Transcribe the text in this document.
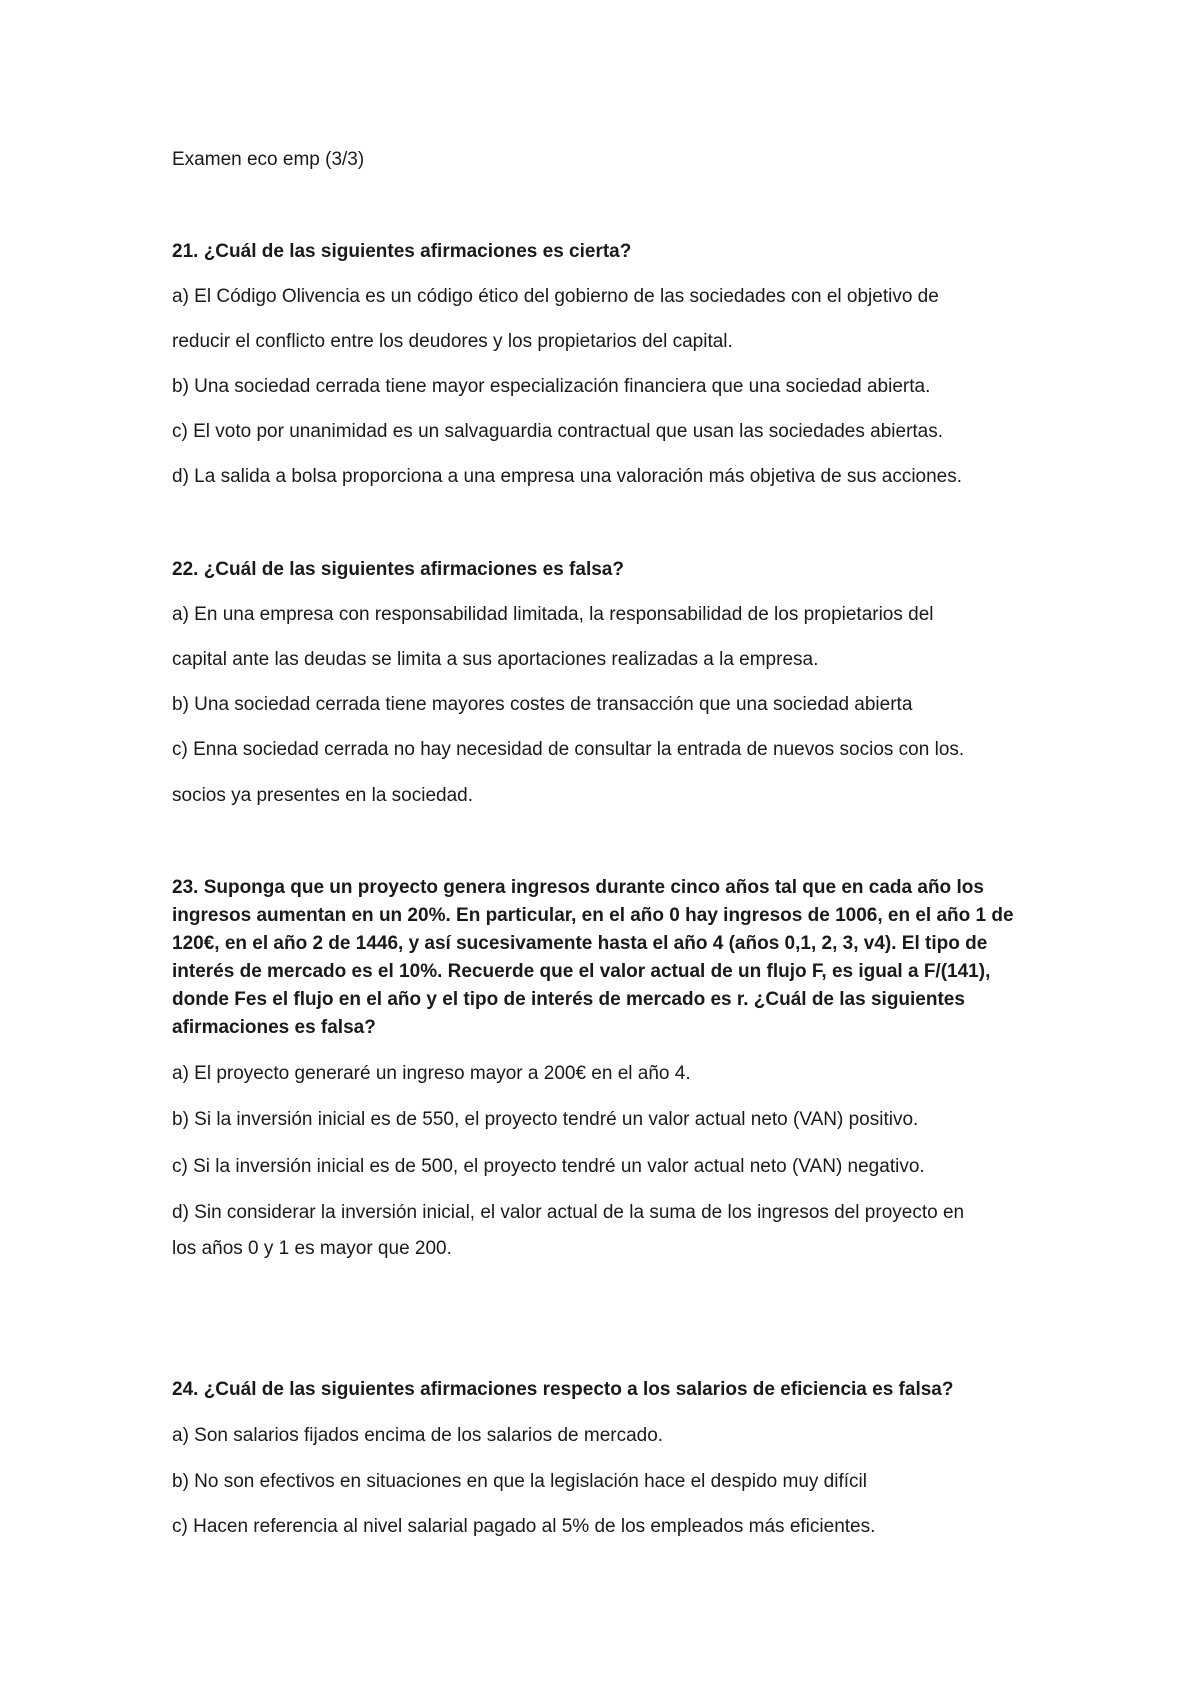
Examen eco emp (3/3)
21. ¿Cuál de las siguientes afirmaciones es cierta?
a) El Código Olivencia es un código ético del gobierno de las sociedades con el objetivo de
reducir el conflicto entre los deudores y los propietarios del capital.
b) Una sociedad cerrada tiene mayor especialización financiera que una sociedad abierta.
c) El voto por unanimidad es un salvaguardia contractual que usan las sociedades abiertas.
d) La salida a bolsa proporciona a una empresa una valoración más objetiva de sus acciones.
22. ¿Cuál de las siguientes afirmaciones es falsa?
a) En una empresa con responsabilidad limitada, la responsabilidad de los propietarios del
capital ante las deudas se limita a sus aportaciones realizadas a la empresa.
b) Una sociedad cerrada tiene mayores costes de transacción que una sociedad abierta
c) Enna sociedad cerrada no hay necesidad de consultar la entrada de nuevos socios con los.
socios ya presentes en la sociedad.
23. Suponga que un proyecto genera ingresos durante cinco años tal que en cada año los
ingresos aumentan en un 20%. En particular, en el año 0 hay ingresos de 1006, en el año 1 de
120€, en el año 2 de 1446, y así sucesivamente hasta el año 4 (años 0,1, 2, 3, v4). El tipo de
interés de mercado es el 10%. Recuerde que el valor actual de un flujo F, es igual a F/(141),
donde Fes el flujo en el año y el tipo de interés de mercado es r. ¿Cuál de las siguientes
afirmaciones es falsa?
a) El proyecto generaré un ingreso mayor a 200€ en el año 4.
b) Si la inversión inicial es de 550, el proyecto tendré un valor actual neto (VAN) positivo.
c) Si la inversión inicial es de 500, el proyecto tendré un valor actual neto (VAN) negativo.
d) Sin considerar la inversión inicial, el valor actual de la suma de los ingresos del proyecto en
los años 0 y 1 es mayor que 200.
24. ¿Cuál de las siguientes afirmaciones respecto a los salarios de eficiencia es falsa?
a) Son salarios fijados encima de los salarios de mercado.
b) No son efectivos en situaciones en que la legislación hace el despido muy difícil
c) Hacen referencia al nivel salarial pagado al 5% de los empleados más eficientes.
